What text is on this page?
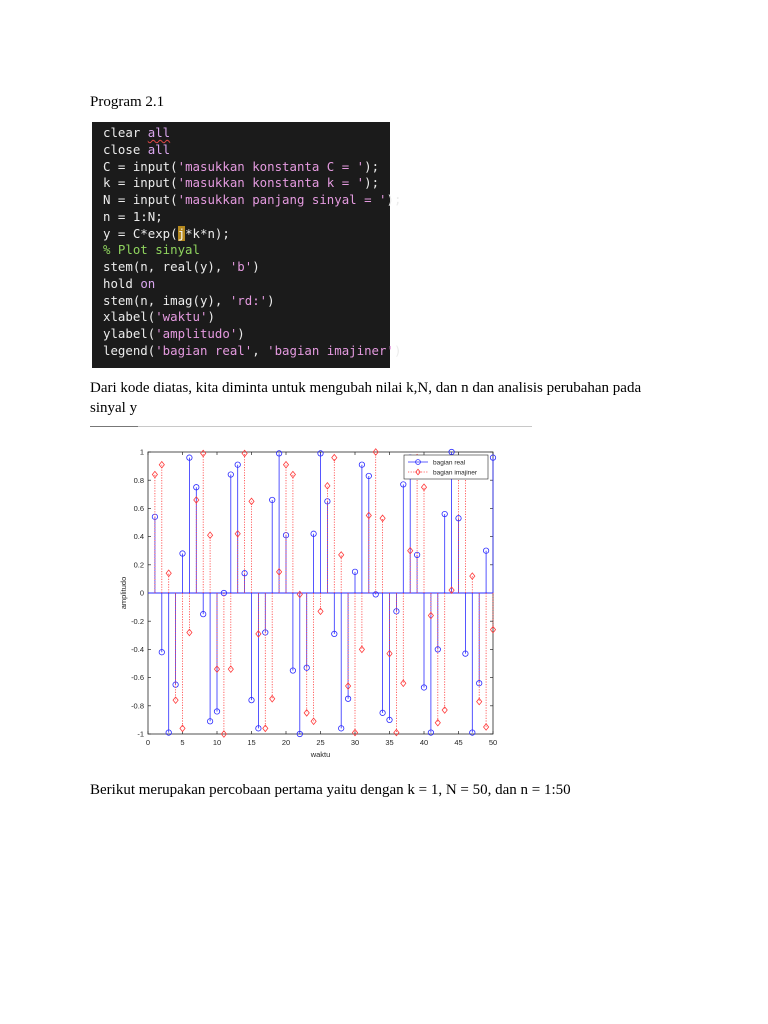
Program 2.1
clear all
close all
C = input('masukkan konstanta C = ');
k = input('masukkan konstanta k = ');
N = input('masukkan panjang sinyal = ');
n = 1:N;
y = C*exp(j*k*n);
% Plot sinyal
stem(n, real(y), 'b')
hold on
stem(n, imag(y), 'rd:')
xlabel('waktu')
ylabel('amplitudo')
legend('bagian real', 'bagian imajiner')
Dari kode diatas, kita diminta untuk mengubah nilai k,N, dan n dan analisis perubahan pada sinyal y
0	5	10	15	20	25	30	35	40	45	50
1
0.8
0.6
0.4
0.2
0
-0.2
-0.4
-0.6
-0.8
-1
bagian real
bagian imajiner
waktu
amplitudo
Berikut merupakan percobaan pertama yaitu dengan k = 1, N = 50, dan n = 1:50
